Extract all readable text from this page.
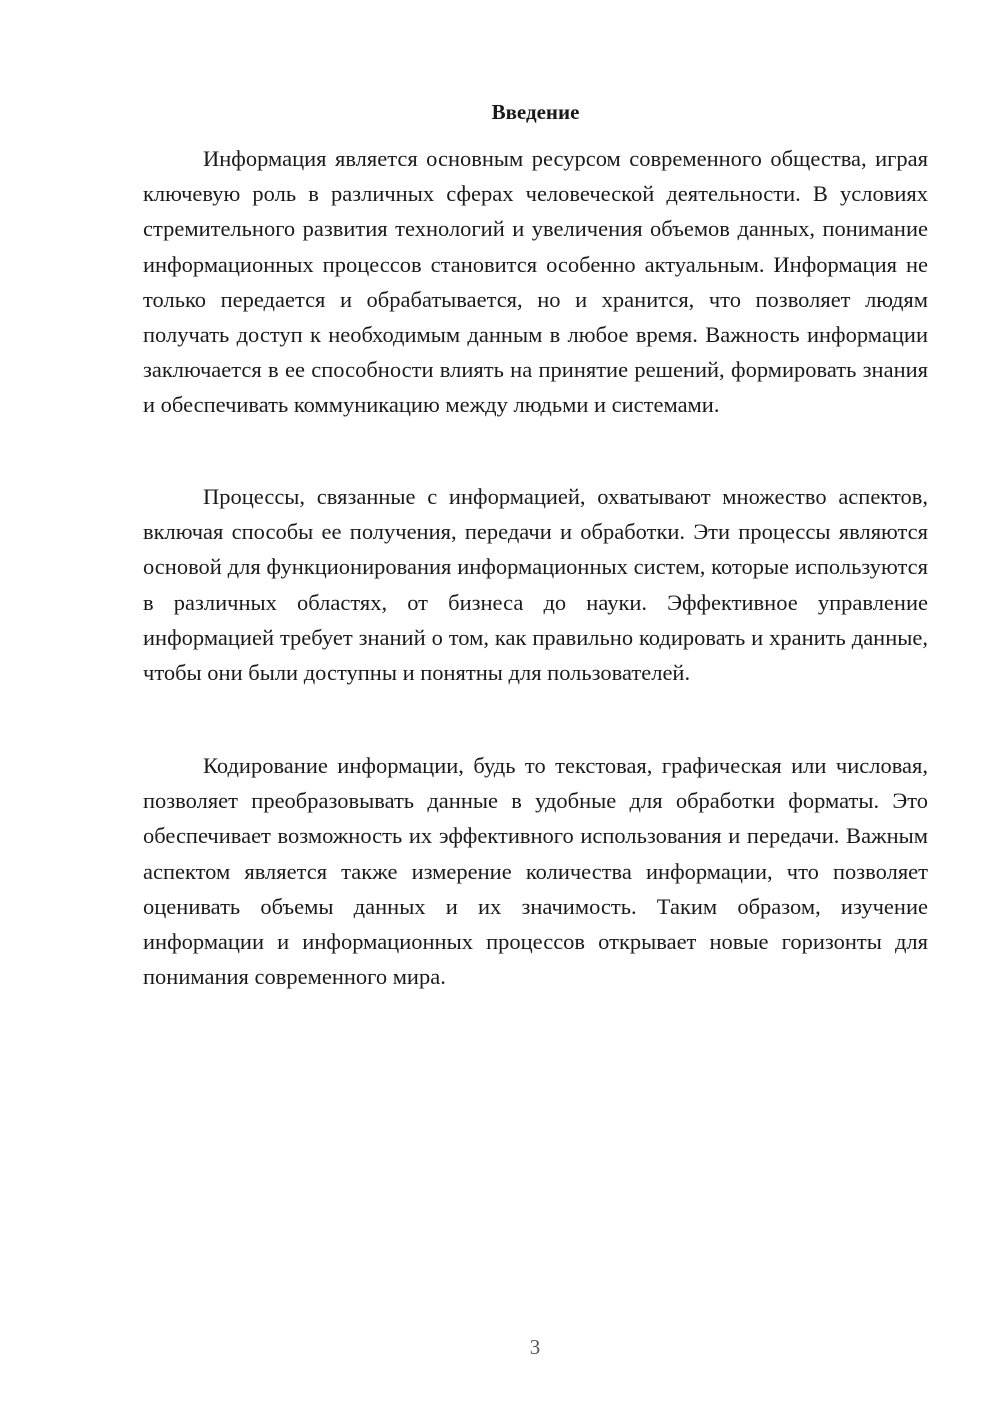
Введение

Информация является основным ресурсом современного общества, играя ключевую роль в различных сферах человеческой деятельности. В условиях стремительного развития технологий и увеличения объемов данных, понимание информационных процессов становится особенно актуальным. Информация не только передается и обрабатывается, но и хранится, что позволяет людям получать доступ к необходимым данным в любое время. Важность информации заключается в ее способности влиять на принятие решений, формировать знания и обеспечивать коммуникацию между людьми и системами.

Процессы, связанные с информацией, охватывают множество аспектов, включая способы ее получения, передачи и обработки. Эти процессы являются основой для функционирования информационных систем, которые используются в различных областях, от бизнеса до науки. Эффективное управление информацией требует знаний о том, как правильно кодировать и хранить данные, чтобы они были доступны и понятны для пользователей.

Кодирование информации, будь то текстовая, графическая или числовая, позволяет преобразовывать данные в удобные для обработки форматы. Это обеспечивает возможность их эффективного использования и передачи. Важным аспектом является также измерение количества информации, что позволяет оценивать объемы данных и их значимость. Таким образом, изучение информации и информационных процессов открывает новые горизонты для понимания современного мира.

3
